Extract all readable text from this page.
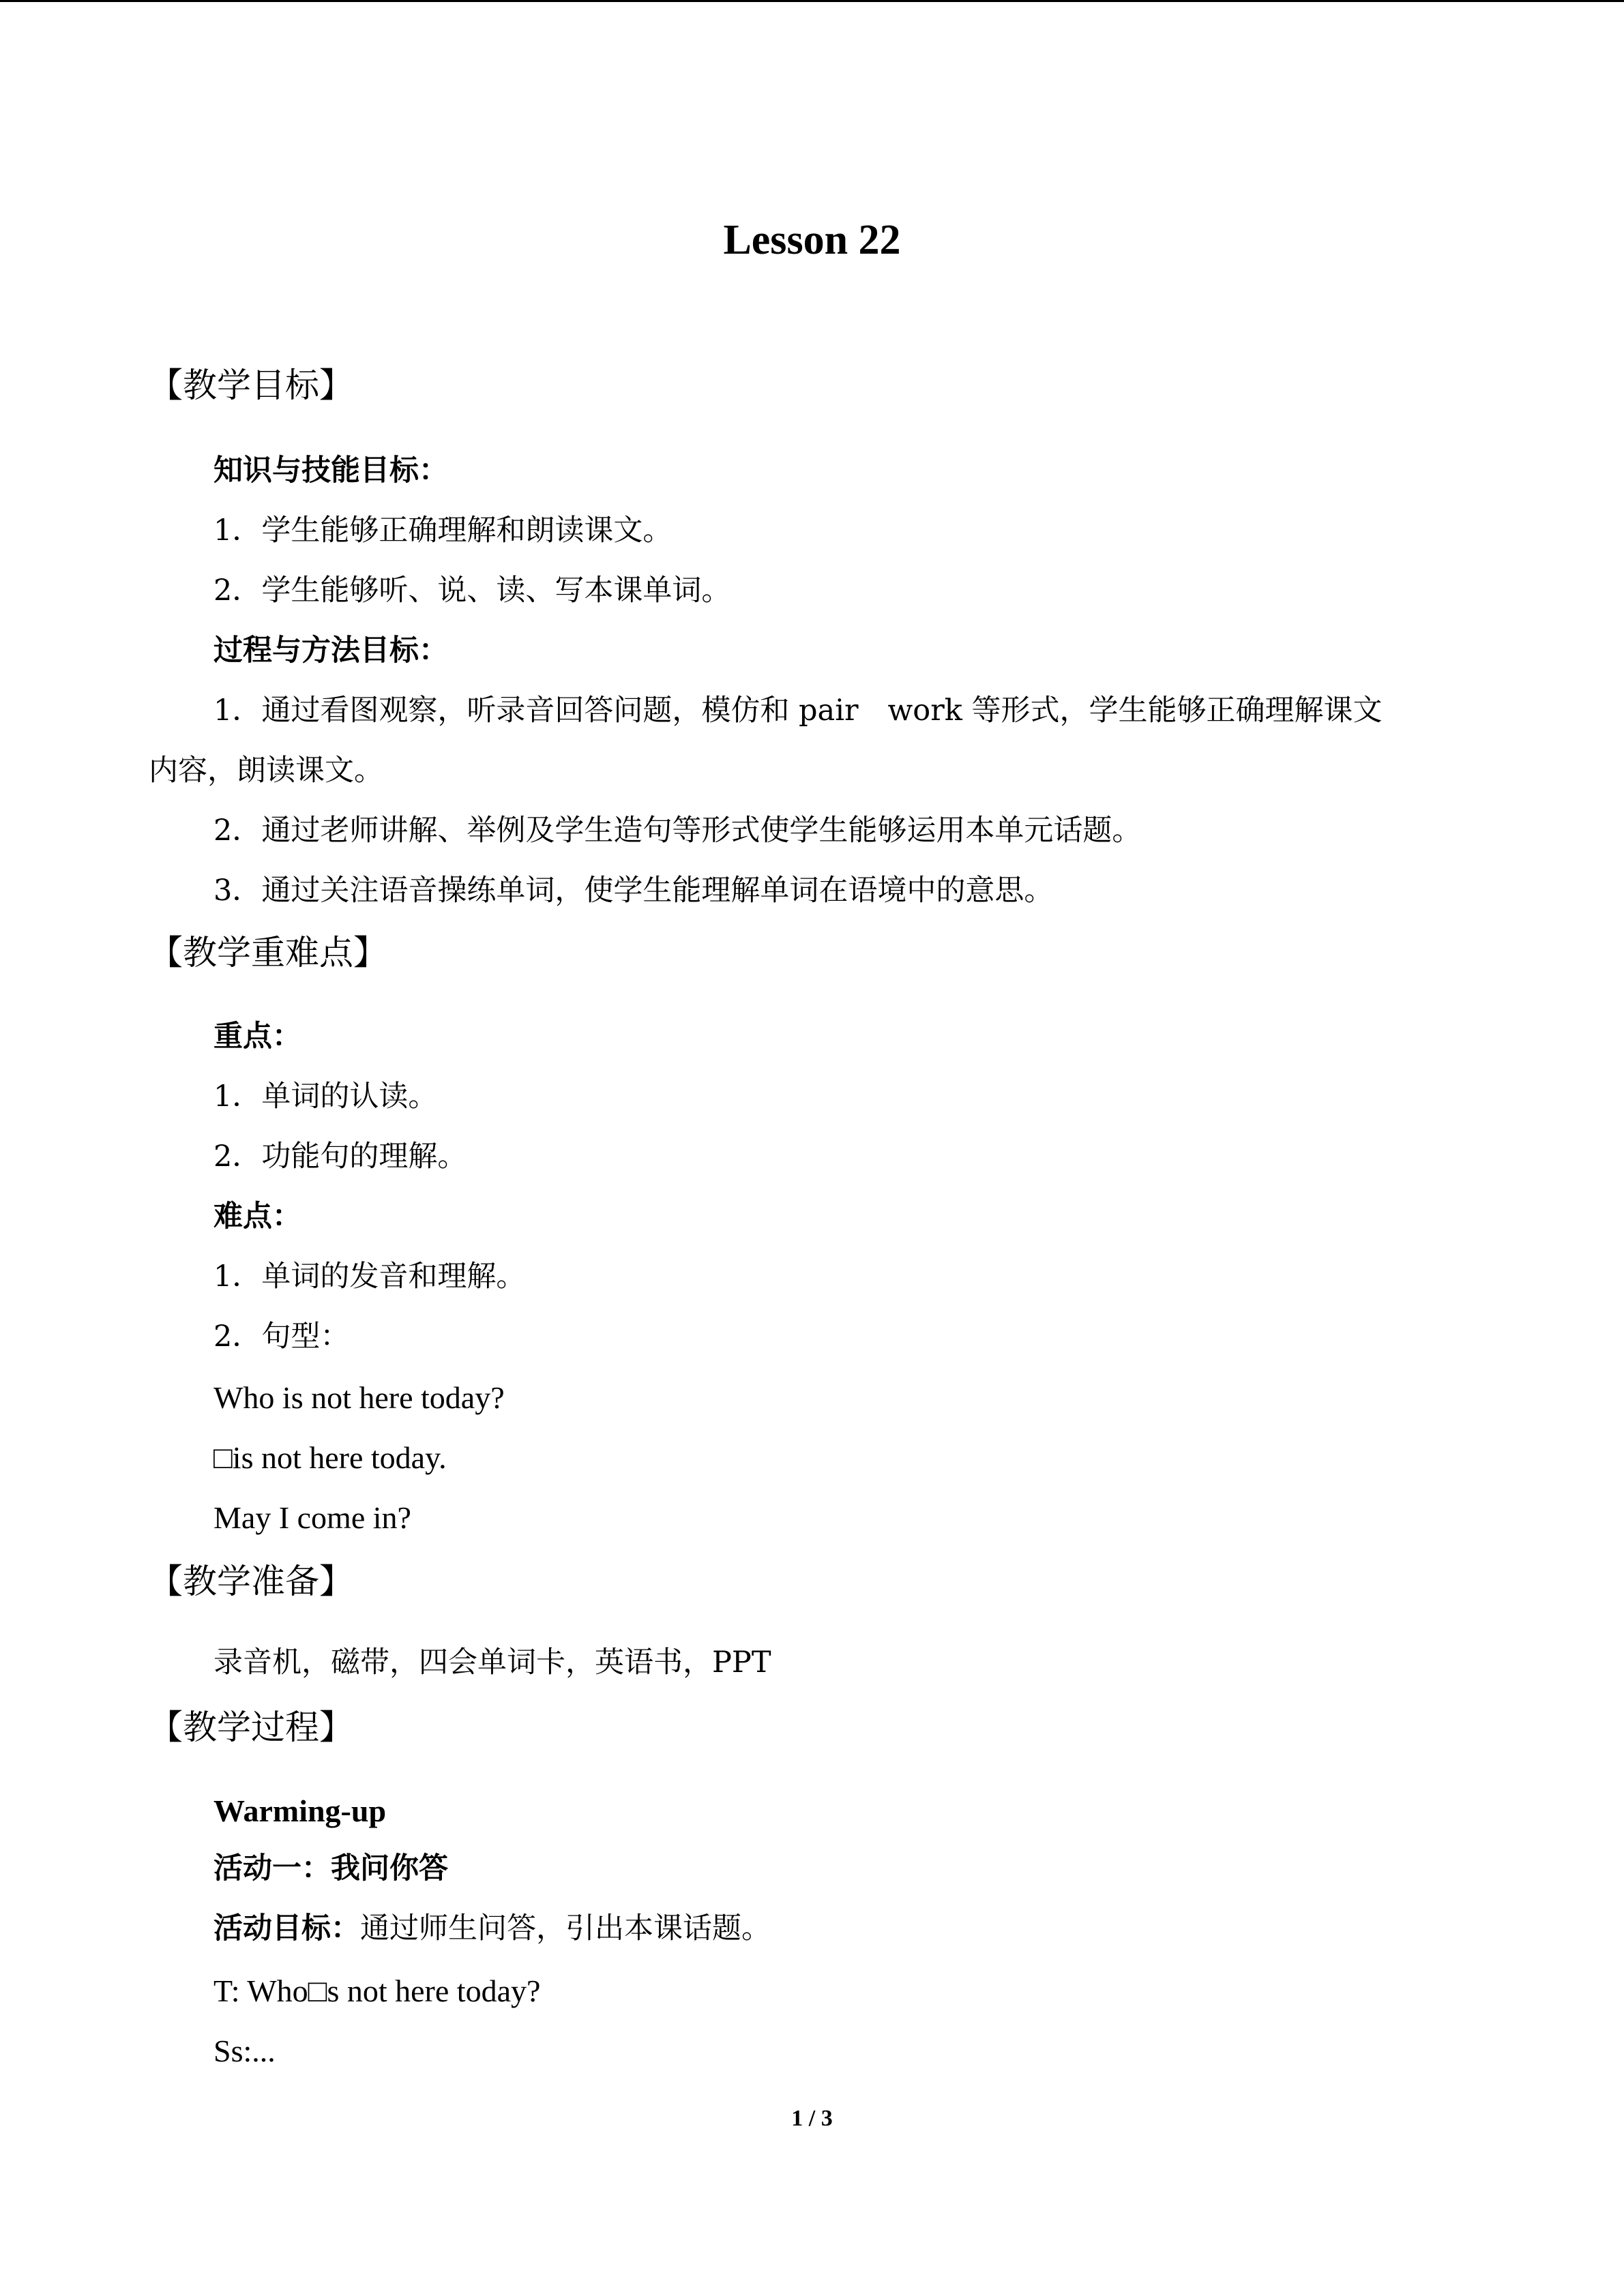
Lesson 22
【教学目标】
知识与技能目标：
1．学生能够正确理解和朗读课文。
2．学生能够听、说、读、写本课单词。
过程与方法目标：
1．通过看图观察，听录音回答问题，模仿和 pair　work 等形式，学生能够正确理解课文
内容，朗读课文。
2．通过老师讲解、举例及学生造句等形式使学生能够运用本单元话题。
3．通过关注语音操练单词，使学生能理解单词在语境中的意思。
【教学重难点】
重点：
1．单词的认读。
2．功能句的理解。
难点：
1．单词的发音和理解。
2．句型：
Who is not here today?
□is not here today.
May I come in?
【教学准备】
录音机，磁带，四会单词卡，英语书，PPT
【教学过程】
Warming-up
活动一：我问你答
活动目标：通过师生问答，引出本课话题。
T: Who□s not here today?
Ss:...
1 / 3
